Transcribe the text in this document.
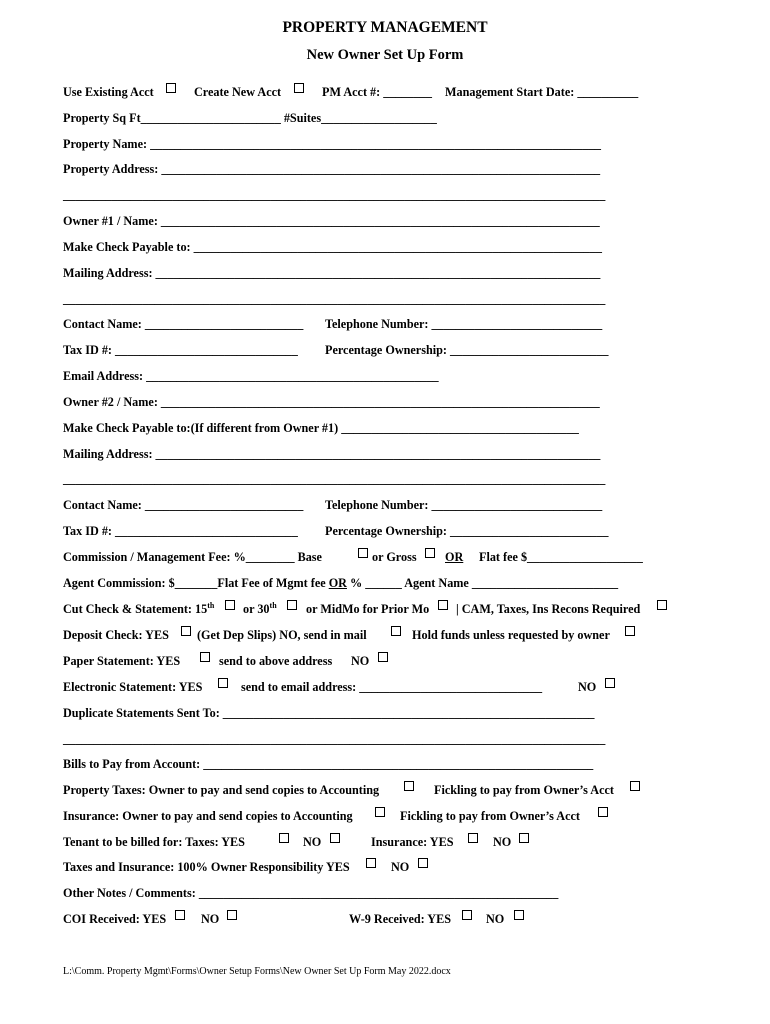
PROPERTY MANAGEMENT
New Owner Set Up Form
Use Existing Acct	Create New Acct	PM Acct #: ________ Management Start Date: __________
Property Sq Ft_______________________ #Suites___________________
Property Name: __________________________________________________________________________
Property Address: ________________________________________________________________________
_________________________________________________________________________________________
Owner #1 / Name: ________________________________________________________________________
Make Check Payable to: ___________________________________________________________________
Mailing Address: _________________________________________________________________________
_________________________________________________________________________________________
Contact Name: __________________________ Telephone Number: ____________________________
Tax ID #: ______________________________ Percentage Ownership: __________________________
Email Address: ________________________________________________
Owner #2 / Name: ________________________________________________________________________
Make Check Payable to:(If different from Owner #1) _______________________________________
Mailing Address: _________________________________________________________________________
_________________________________________________________________________________________
Contact Name: __________________________ Telephone Number: ____________________________
Tax ID #: ______________________________ Percentage Ownership: __________________________
Commission / Management Fee: %________ Base	or Gross OR Flat fee $___________________
Agent Commission: $_______Flat Fee of Mgmt fee OR % ______ Agent Name ________________________
Cut Check & Statement: 15th or 30th or MidMo for Prior Mo | CAM, Taxes, Ins Recons Required
Deposit Check: YES (Get Dep Slips) NO, send in mail	Hold funds unless requested by owner
Paper Statement: YES	send to above address NO
Electronic Statement: YES	send to email address: ______________________________	NO
Duplicate Statements Sent To: _____________________________________________________________
_________________________________________________________________________________________
Bills to Pay from Account: ________________________________________________________________
Property Taxes: Owner to pay and send copies to Accounting	Fickling to pay from Owner’s Acct
Insurance: Owner to pay and send copies to Accounting	Fickling to pay from Owner’s Acct
Tenant to be billed for: Taxes: YES	NO	Insurance: YES	NO
Taxes and Insurance: 100% Owner Responsibility YES	NO
Other Notes / Comments: ___________________________________________________________
COI Received: YES	NO	W-9 Received: YES	NO
L:\Comm. Property Mgmt\Forms\Owner Setup Forms\New Owner Set Up Form May 2022.docx
